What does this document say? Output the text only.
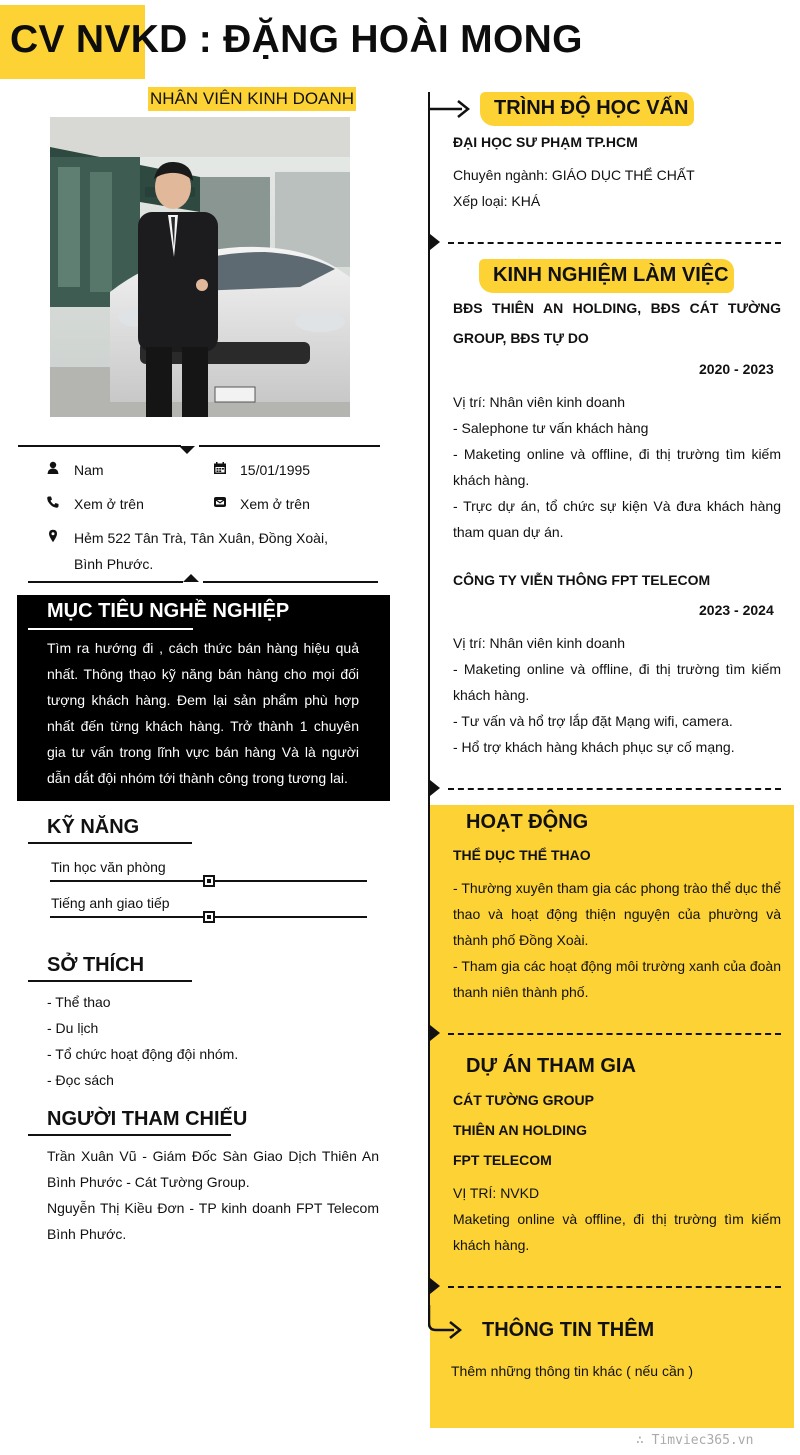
CV NVKD : ĐẶNG HOÀI MONG
NHÂN VIÊN KINH DOANH
Nam	15/01/1995
Xem ở trên	Xem ở trên
Hẻm 522 Tân Trà, Tân Xuân, Đồng Xoài,
Bình Phước.
MỤC TIÊU NGHỀ NGHIỆP
Tìm ra hướng đi , cách thức bán hàng hiệu quả nhất. Thông thạo kỹ năng bán hàng cho mọi đối tượng khách hàng. Đem lại sản phẩm phù hợp nhất đến từng khách hàng. Trở thành 1 chuyên gia tư vấn trong lĩnh vực bán hàng Và là người dẫn dắt đội nhóm tới thành công trong tương lai.
KỸ NĂNG
Tin học văn phòng
Tiếng anh giao tiếp
SỞ THÍCH
- Thể thao
- Du lịch
- Tổ chức hoạt động đội nhóm.
- Đọc sách
NGƯỜI THAM CHIẾU
Trần Xuân Vũ - Giám Đốc Sàn Giao Dịch Thiên An Bình Phước - Cát Tường Group.
Nguyễn Thị Kiều Đơn - TP kinh doanh FPT Telecom Bình Phước.
TRÌNH ĐỘ HỌC VẤN
ĐẠI HỌC SƯ PHẠM TP.HCM
Chuyên ngành: GIÁO DỤC THỂ CHẤT
Xếp loại: KHÁ
KINH NGHIỆM LÀM VIỆC
BĐS THIÊN AN HOLDING, BĐS CÁT TƯỜNG GROUP, BĐS TỰ DO
2020 - 2023
Vị trí: Nhân viên kinh doanh
- Salephone tư vấn khách hàng
- Maketing online và offline, đi thị trường tìm kiếm khách hàng.
- Trực dự án, tổ chức sự kiện Và đưa khách hàng tham quan dự án.
CÔNG TY VIỄN THÔNG FPT TELECOM
2023 - 2024
Vị trí: Nhân viên kinh doanh
- Maketing online và offline, đi thị trường tìm kiếm khách hàng.
- Tư vấn và hổ trợ lắp đặt Mạng wifi, camera.
- Hổ trợ khách hàng khách phục sự cố mạng.
HOẠT ĐỘNG
THỂ DỤC THỂ THAO
- Thường xuyên tham gia các phong trào thể dục thể thao và hoạt động thiện nguyện của phường và thành phố Đồng Xoài.
- Tham gia các hoạt động môi trường xanh của đoàn thanh niên thành phố.
DỰ ÁN THAM GIA
CÁT TƯỜNG GROUP
THIÊN AN HOLDING
FPT TELECOM
VỊ TRÍ: NVKD
Maketing online và offline, đi thị trường tìm kiếm khách hàng.
THÔNG TIN THÊM
Thêm những thông tin khác ( nếu cần )
∴ Timviec365.vn
